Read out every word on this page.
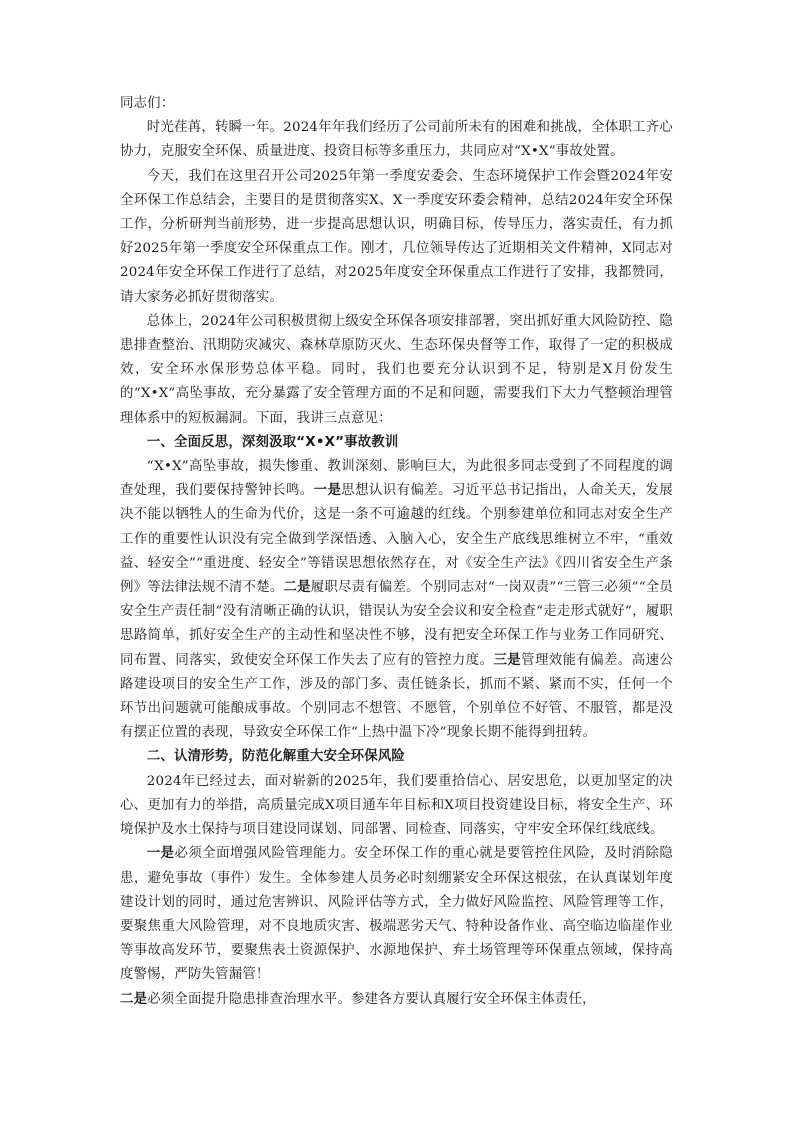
同志们：

时光荏苒，转瞬一年。2024年年我们经历了公司前所未有的困难和挑战，全体职工齐心协力，克服安全环保、质量进度、投资目标等多重压力，共同应对“X•X”事故处置。

今天，我们在这里召开公司2025年第一季度安委会、生态环境保护工作会暨2024年安全环保工作总结会，主要目的是贯彻落实X、X一季度安环委会精神，总结2024年安全环保工作，分析研判当前形势，进一步提高思想认识，明确目标，传导压力，落实责任，有力抓好2025年第一季度安全环保重点工作。刚才，几位领导传达了近期相关文件精神，X同志对2024年安全环保工作进行了总结，对2025年度安全环保重点工作进行了安排，我都赞同，请大家务必抓好贯彻落实。

总体上，2024年公司积极贯彻上级安全环保各项安排部署，突出抓好重大风险防控、隐患排查整治、汛期防灾减灾、森林草原防灭火、生态环保央督等工作，取得了一定的积极成效，安全环水保形势总体平稳。同时，我们也要充分认识到不足，特别是X月份发生的“X•X”高坠事故，充分暴露了安全管理方面的不足和问题，需要我们下大力气整顿治理管理体系中的短板漏洞。下面，我讲三点意见：

一、全面反思，深刻汲取“X•X”事故教训

“X•X”高坠事故，损失惨重、教训深刻、影响巨大，为此很多同志受到了不同程度的调查处理，我们要保持警钟长鸣。一是思想认识有偏差。习近平总书记指出，人命关天，发展决不能以牺牲人的生命为代价，这是一条不可逾越的红线。个别参建单位和同志对安全生产工作的重要性认识没有完全做到学深悟透、入脑入心，安全生产底线思维树立不牢，“重效益、轻安全”“重进度、轻安全”等错误思想依然存在，对《安全生产法》《四川省安全生产条例》等法律法规不清不楚。二是履职尽责有偏差。个别同志对“一岗双责”“三管三必须”“全员安全生产责任制”没有清晰正确的认识，错误认为安全会议和安全检查“走走形式就好”，履职思路简单，抓好安全生产的主动性和坚决性不够，没有把安全环保工作与业务工作同研究、同布置、同落实，致使安全环保工作失去了应有的管控力度。三是管理效能有偏差。高速公路建设项目的安全生产工作，涉及的部门多、责任链条长，抓而不紧、紧而不实，任何一个环节出问题就可能酿成事故。个别同志不想管、不愿管，个别单位不好管、不服管，都是没有摆正位置的表现，导致安全环保工作“上热中温下冷”现象长期不能得到扭转。

二、认清形势，防范化解重大安全环保风险

2024年已经过去，面对崭新的2025年，我们要重拾信心、居安思危，以更加坚定的决心、更加有力的举措，高质量完成X项目通车年目标和X项目投资建设目标，将安全生产、环境保护及水土保持与项目建设同谋划、同部署、同检查、同落实，守牢安全环保红线底线。

一是必须全面增强风险管理能力。安全环保工作的重心就是要管控住风险，及时消除隐患，避免事故（事件）发生。全体参建人员务必时刻绷紧安全环保这根弦，在认真谋划年度建设计划的同时，通过危害辨识、风险评估等方式，全力做好风险监控、风险管理等工作，要聚焦重大风险管理，对不良地质灾害、极端恶劣天气、特种设备作业、高空临边临崖作业等事故高发环节，要聚焦表土资源保护、水源地保护、弃土场管理等环保重点领域，保持高度警惕，严防失管漏管！
二是必须全面提升隐患排查治理水平。参建各方要认真履行安全环保主体责任，
